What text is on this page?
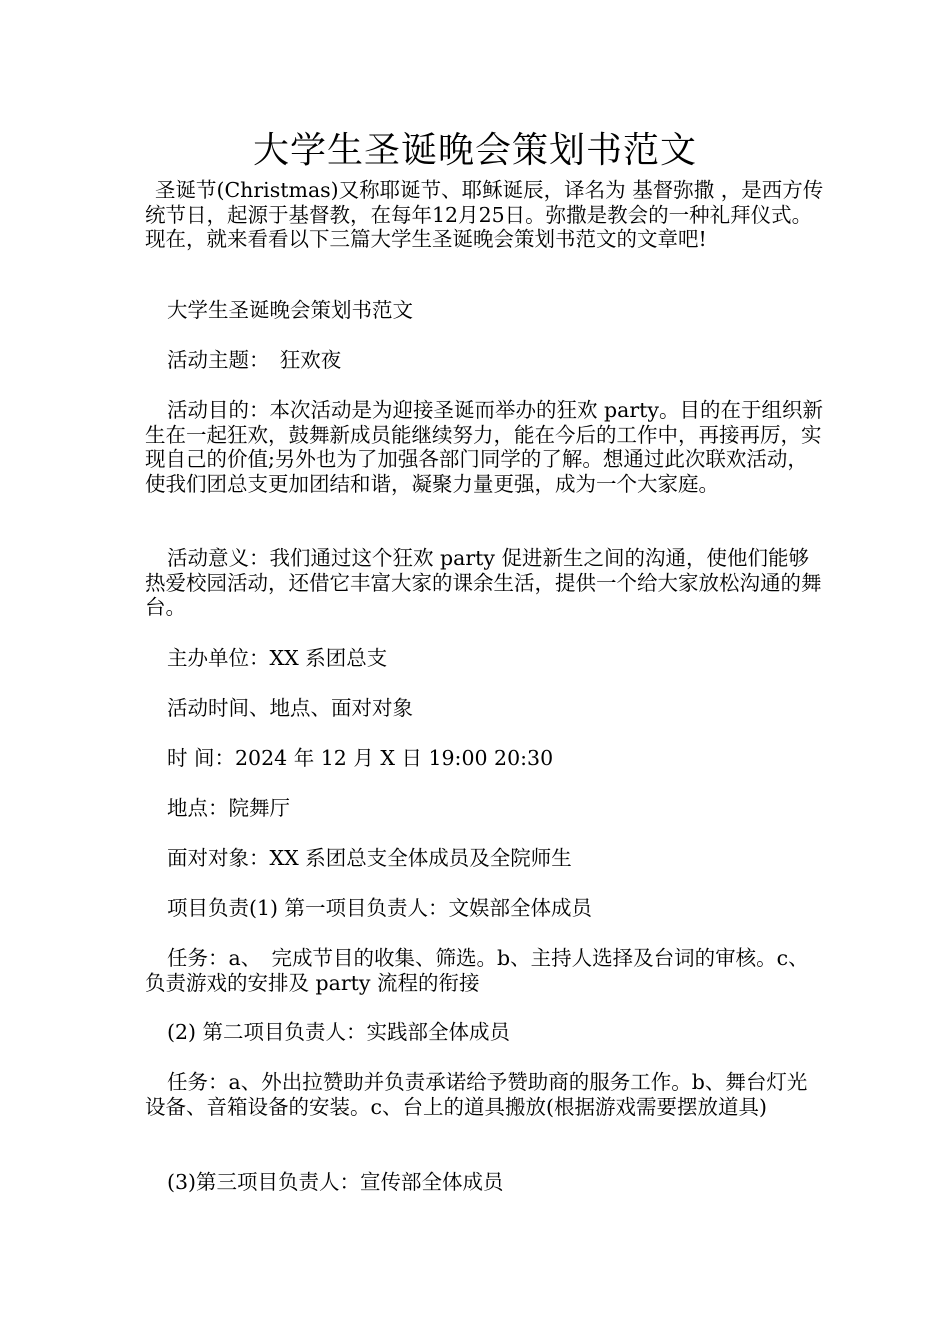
大学生圣诞晚会策划书范文
圣诞节(Christmas)又称耶诞节、耶稣诞辰，译名为 基督弥撒 ，是西方传统节日，起源于基督教，在每年12月25日。弥撒是教会的一种礼拜仪式。现在，就来看看以下三篇大学生圣诞晚会策划书范文的文章吧!
大学生圣诞晚会策划书范文
活动主题：　狂欢夜
活动目的：本次活动是为迎接圣诞而举办的狂欢 party。目的在于组织新生在一起狂欢，鼓舞新成员能继续努力，能在今后的工作中，再接再厉，实现自己的价值;另外也为了加强各部门同学的了解。想通过此次联欢活动，使我们团总支更加团结和谐，凝聚力量更强，成为一个大家庭。
活动意义：我们通过这个狂欢 party 促进新生之间的沟通，使他们能够热爱校园活动，还借它丰富大家的课余生活，提供一个给大家放松沟通的舞台。
主办单位：XX 系团总支
活动时间、地点、面对对象
时 间：2024 年 12 月 X 日 19:00 20:30
地点：院舞厅
面对对象：XX 系团总支全体成员及全院师生
项目负责(1) 第一项目负责人：文娱部全体成员
任务：a、　完成节目的收集、筛选。b、主持人选择及台词的审核。c、负责游戏的安排及 party 流程的衔接
(2) 第二项目负责人：实践部全体成员
任务：a、外出拉赞助并负责承诺给予赞助商的服务工作。b、舞台灯光设备、音箱设备的安装。c、台上的道具搬放(根据游戏需要摆放道具)
(3)第三项目负责人：宣传部全体成员
